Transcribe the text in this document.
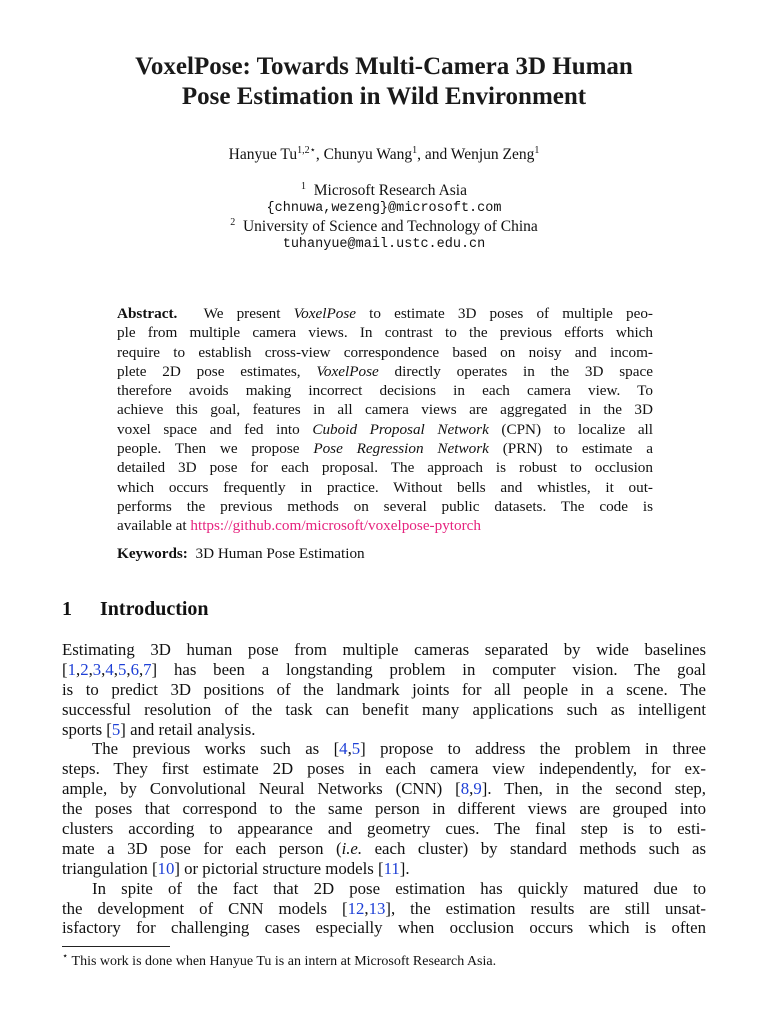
VoxelPose: Towards Multi-Camera 3D Human
Pose Estimation in Wild Environment
Hanyue $Tu^{1,2⋆}$, Chunyu Wang$^1$, and Wenjun Zeng$^1$
$^1$ Microsoft Research Asia
{chnuwa,wezeng}@microsoft.com
$^2$ University of Science and Technology of China
tuhanyue@mail.ustc.edu.cn
Abstract. We present VoxelPose to estimate 3D poses of multiple peo-
ple from multiple camera views. In contrast to the previous efforts which
require to establish cross-view correspondence based on noisy and incom-
plete 2D pose estimates, VoxelPose directly operates in the 3D space
therefore avoids making incorrect decisions in each camera view. To
achieve this goal, features in all camera views are aggregated in the 3D
voxel space and fed into Cuboid Proposal Network (CPN) to localize all
people. Then we propose Pose Regression Network (PRN) to estimate a
detailed 3D pose for each proposal. The approach is robust to occlusion
which occurs frequently in practice. Without bells and whistles, it out-
performs the previous methods on several public datasets. The code is
available at https://github.com/microsoft/voxelpose-pytorch
Keywords: 3D Human Pose Estimation
1 Introduction
Estimating 3D human pose from multiple cameras separated by wide baselines
[1,2,3,4,5,6,7] has been a longstanding problem in computer vision. The goal
is to predict 3D positions of the landmark joints for all people in a scene. The
successful resolution of the task can benefit many applications such as intelligent
sports [5] and retail analysis.
The previous works such as [4,5] propose to address the problem in three
steps. They first estimate 2D poses in each camera view independently, for ex-
ample, by Convolutional Neural Networks (CNN) [8,9]. Then, in the second step,
the poses that correspond to the same person in different views are grouped into
clusters according to appearance and geometry cues. The final step is to esti-
mate a 3D pose for each person (i.e. each cluster) by standard methods such as
triangulation [10] or pictorial structure models [11].
In spite of the fact that 2D pose estimation has quickly matured due to
the development of CNN models [12,13], the estimation results are still unsat-
isfactory for challenging cases especially when occlusion occurs which is often
⋆ This work is done when Hanyue Tu is an intern at Microsoft Research Asia.
